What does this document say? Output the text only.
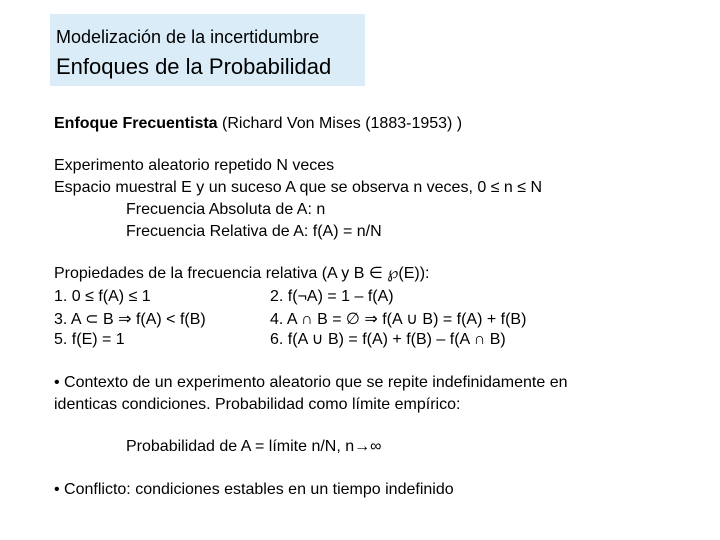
Modelización de la incertidumbre
Enfoques de la Probabilidad
Enfoque Frecuentista (Richard Von Mises (1883-1953) )
Experimento aleatorio repetido N veces
Espacio muestral E y un suceso A que se observa n veces, 0 ≤ n ≤ N
Frecuencia Absoluta de A: n
Frecuencia Relativa de A: f(A) = n/N
Propiedades de la frecuencia relativa (A y B ∈ ℘(E)):
1. 0 ≤ f(A) ≤ 1	2. f(¬A) = 1 – f(A)
3. A ⊂ B ⇒ f(A) < f(B)	4. A ∩ B = ∅ ⇒ f(A ∪ B) = f(A) + f(B)
5. f(E) = 1	6. f(A ∪ B) = f(A) + f(B) – f(A ∩ B)
• Contexto de un experimento aleatorio que se repite indefinidamente en
identicas condiciones. Probabilidad como límite empírico:
Probabilidad de A = límite n/N, n→∞
• Conflicto: condiciones estables en un tiempo indefinido
